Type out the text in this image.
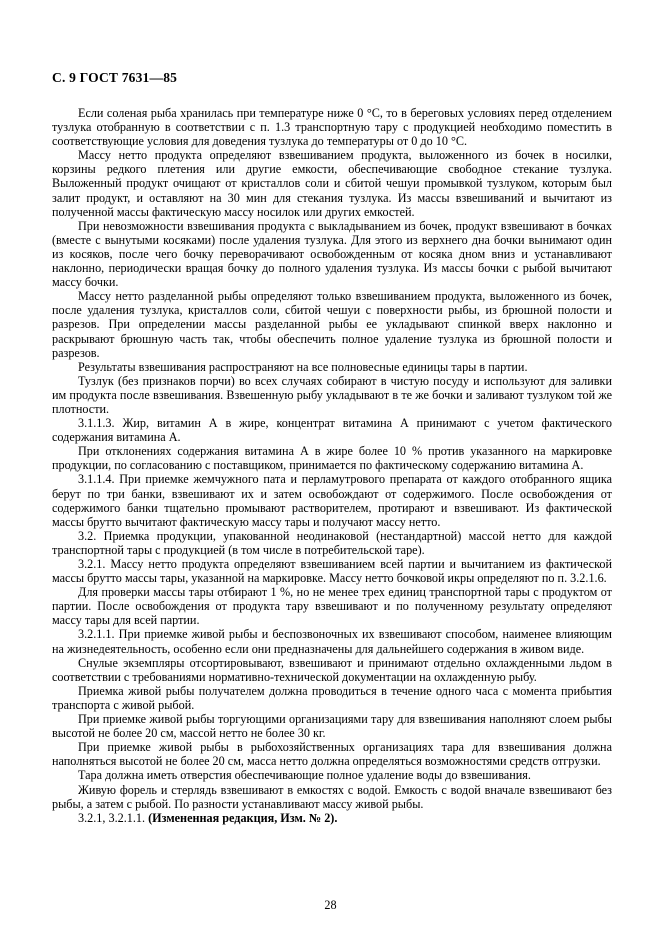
С. 9 ГОСТ 7631—85

Если соленая рыба хранилась при температуре ниже 0 °С, то в береговых условиях перед отделением тузлука отобранную в соответствии с п. 1.3 транспортную тару с продукцией необходимо поместить в соответствующие условия для доведения тузлука до температуры от 0 до 10 °С.

Массу нетто продукта определяют взвешиванием продукта, выложенного из бочек в носилки, корзины редкого плетения или другие емкости, обеспечивающие свободное стекание тузлука. Выложенный продукт очищают от кристаллов соли и сбитой чешуи промывкой тузлуком, которым был залит продукт, и оставляют на 30 мин для стекания тузлука. Из массы взвешиваний и вычитают из полученной массы фактическую массу носилок или других емкостей.

При невозможности взвешивания продукта с выкладыванием из бочек, продукт взвешивают в бочках (вместе с вынутыми косяками) после удаления тузлука. Для этого из верхнего дна бочки вынимают один из косяков, после чего бочку переворачивают освобожденным от косяка дном вниз и устанавливают наклонно, периодически вращая бочку до полного удаления тузлука. Из массы бочки с рыбой вычитают массу бочки.

Массу нетто разделанной рыбы определяют только взвешиванием продукта, выложенного из бочек, после удаления тузлука, кристаллов соли, сбитой чешуи с поверхности рыбы, из брюшной полости и разрезов. При определении массы разделанной рыбы ее укладывают спинкой вверх наклонно и раскрывают брюшную часть так, чтобы обеспечить полное удаление тузлука из брюшной полости и разрезов.

Результаты взвешивания распространяют на все полновесные единицы тары в партии.

Тузлук (без признаков порчи) во всех случаях собирают в чистую посуду и используют для заливки им продукта после взвешивания. Взвешенную рыбу укладывают в те же бочки и заливают тузлуком той же плотности.

3.1.1.3. Жир, витамин А в жире, концентрат витамина А принимают с учетом фактического содержания витамина А.

При отклонениях содержания витамина А в жире более 10 % против указанного на маркировке продукции, по согласованию с поставщиком, принимается по фактическому содержанию витамина А.

3.1.1.4. При приемке жемчужного пата и перламутрового препарата от каждого отобранного ящика берут по три банки, взвешивают их и затем освобождают от содержимого. После освобождения от содержимого банки тщательно промывают растворителем, протирают и взвешивают. Из фактической массы брутто вычитают фактическую массу тары и получают массу нетто.

3.2. Приемка продукции, упакованной неодинаковой (нестандартной) массой нетто для каждой транспортной тары с продукцией (в том числе в потребительской таре).

3.2.1. Массу нетто продукта определяют взвешиванием всей партии и вычитанием из фактической массы брутто массы тары, указанной на маркировке. Массу нетто бочковой икры определяют по п. 3.2.1.6.

Для проверки массы тары отбирают 1 %, но не менее трех единиц транспортной тары с продуктом от партии. После освобождения от продукта тару взвешивают и по полученному результату определяют массу тары для всей партии.

3.2.1.1. При приемке живой рыбы и беспозвоночных их взвешивают способом, наименее влияющим на жизнедеятельность, особенно если они предназначены для дальнейшего содержания в живом виде.

Снулые экземпляры отсортировывают, взвешивают и принимают отдельно охлажденными льдом в соответствии с требованиями нормативно-технической документации на охлажденную рыбу.

Приемка живой рыбы получателем должна проводиться в течение одного часа с момента прибытия транспорта с живой рыбой.

При приемке живой рыбы торгующими организациями тару для взвешивания наполняют слоем рыбы высотой не более 20 см, массой нетто не более 30 кг.

При приемке живой рыбы в рыбохозяйственных организациях тара для взвешивания должна наполняться высотой не более 20 см, масса нетто должна определяться возможностями средств отгрузки.

Тара должна иметь отверстия обеспечивающие полное удаление воды до взвешивания.

Живую форель и стерлядь взвешивают в емкостях с водой. Емкость с водой вначале взвешивают без рыбы, а затем с рыбой. По разности устанавливают массу живой рыбы.

3.2.1, 3.2.1.1. (Измененная редакция, Изм. № 2).

28
